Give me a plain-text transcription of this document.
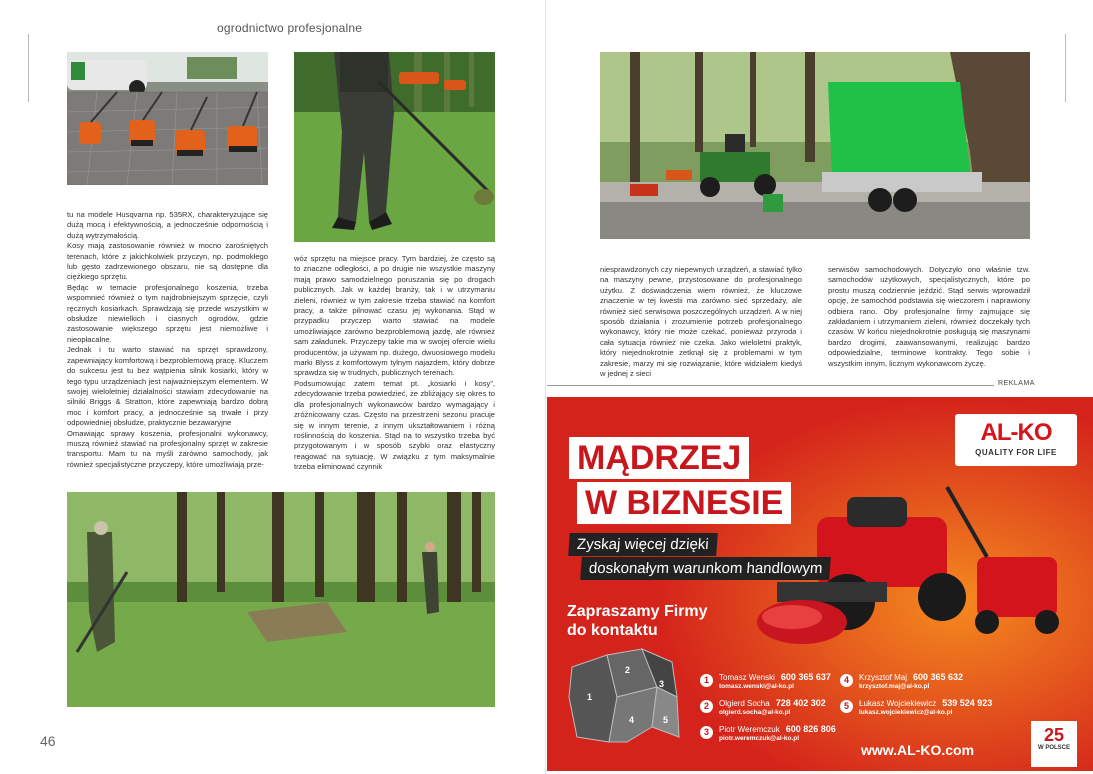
ogrodnictwo profesjonalne

tu na modele Husqvarna np. 535RX, charakteryzujące się dużą mocą i efektywnością, a jednocześnie odpornością i dużą wytrzymałością.

Kosy mają zastosowanie również w mocno zarośniętych terenach, które z jakichkolwiek przyczyn, np. podmokłego lub gęsto zadrzewionego obszaru, nie są dostępne dla ciężkiego sprzętu.

Będąc w temacie profesjonalnego koszenia, trzeba wspomnieć również o tym najdrobniejszym sprzęcie, czyli ręcznych kosiarkach. Sprawdzają się przede wszystkim w obsłudze niewielkich i ciasnych ogrodów, gdzie zastosowanie większego sprzętu jest niemożliwe i nieopłacalne.

Jednak i tu warto stawiać na sprzęt sprawdzony, zapewniający komfortową i bezproblemową pracę. Kluczem do sukcesu jest tu bez wątpienia silnik kosiarki, który w tego typu urządzeniach jest najważniejszym elementem. W swojej wieloletniej działalności stawiam zdecydowanie na silniki Briggs & Stratton, które zapewniają bardzo dobrą moc i komfort pracy, a jednocześnie są trwałe i przy odpowiedniej obsłudze, praktycznie bezawaryjne

Omawiając sprawy koszenia, profesjonalni wykonawcy, muszą również stawiać na profesjonalny sprzęt w zakresie transportu. Mam tu na myśli zarówno samochody, jak również specjalistyczne przyczepy, które umożliwiają prze-

wóz sprzętu na miejsce pracy. Tym bardziej, że często są to znaczne odległości, a po drugie nie wszystkie maszyny mają prawo samodzielnego poruszania się po drogach publicznych. Jak w każdej branży, tak i w utrzymaniu zieleni, również w tym zakresie trzeba stawiać na komfort pracy, a także pilnować czasu jej wykonania. Stąd w przypadku przyczep warto stawiać na modele umożliwiające zarówno bezproblemową jazdę, ale również sam załadunek. Przyczepy takie ma w swojej ofercie wielu producentów, ja używam np. dużego, dwuosiowego modelu marki Blyss z komfortowym tylnym najazdem, który dobrze sprawdza się w trudnych, publicznych terenach.

Podsumowując zatem temat pt. „kosiarki i kosy”, zdecydowanie trzeba powiedzieć, że zbliżający się okres to dla profesjonalnych wykonawców bardzo wymagający i zróżnicowany czas. Często na przestrzeni sezonu pracuje się w innym terenie, z innym ukształtowaniem i różną roślinnością do koszenia. Stąd na to wszystko trzeba być przygotowanym i w sposób szybki oraz elastyczny reagować na sytuację. W związku z tym maksymalnie trzeba eliminować czynnik

46

niesprawdzonych czy niepewnych urządzeń, a stawiać tylko na maszyny pewne, przystosowane do profesjonalnego użytku. Z doświadczenia wiem również, że kluczowe znaczenie w tej kwestii ma zarówno sieć sprzedaży, ale również sieć serwisowa poszczególnych urządzeń. A w niej sposób działania i zrozumienie potrzeb profesjonalnego wykonawcy, który nie może czekać, ponieważ przyroda i cała sytuacja również nie czeka. Jako wieloletni praktyk, który niejednokrotnie zetknął się z problemami w tym zakresie, marzy mi się rozwiązanie, które widziałem kiedyś w jednej z sieci

serwisów samochodowych. Dotyczyło ono właśnie tzw. samochodów użytkowych, specjalistycznych, które po prostu muszą codziennie jeździć. Stąd serwis wprowadził opcję, że samochód podstawia się wieczorem i naprawiony odbiera rano. Oby profesjonalne firmy zajmujące się zakładaniem i utrzymaniem zieleni, również doczekały tych czasów. W końcu niejednokrotnie posługują się maszynami bardzo drogimi, zaawansowanymi, realizując bardzo odpowiedzialne, terminowe kontrakty. Tego sobie i wszystkim innym, licznym wykonawcom życzę.

REKLAMA
MĄDRZEJ
W BIZNESIE
AL-KO
QUALITY FOR LIFE
Zyskaj więcej dzięki
doskonałym warunkom handlowym
Zapraszamy Firmy
do kontaktu
1	Tomasz Wenski 600 365 637
tomasz.wenski@al-ko.pl
2	Olgierd Socha 728 402 302
olgierd.socha@al-ko.pl
3	Piotr Weremczuk 600 826 806
piotr.weremczuk@al-ko.pl
4	Krzysztof Maj 600 365 632
krzysztof.maj@al-ko.pl
5	Łukasz Wojciekiewicz 539 524 923
lukasz.wojciekiewicz@al-ko.pl
1
2
3
4	5
www.AL-KO.com
25
W POLSCE
